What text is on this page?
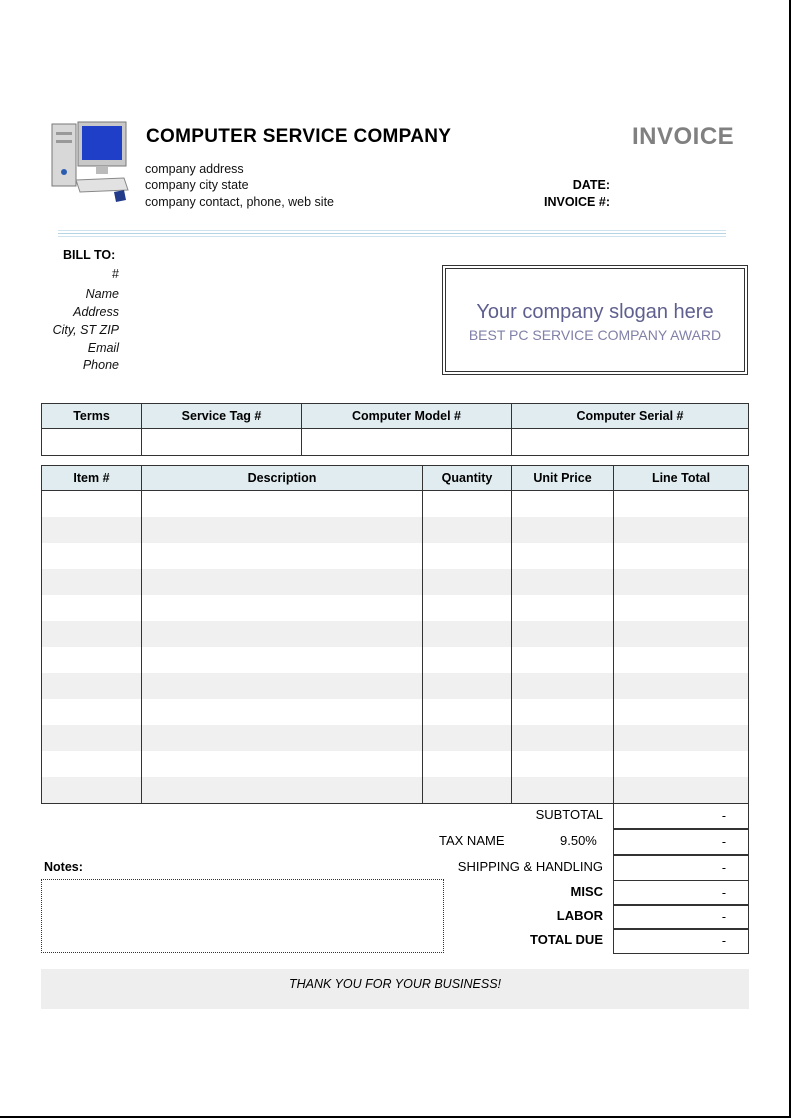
COMPUTER SERVICE COMPANY
company address
company city state
company contact, phone, web site
INVOICE
DATE:
INVOICE #:
BILL TO:
#
Name
Address
City, ST ZIP
Email
Phone
Your company slogan here
BEST PC SERVICE COMPANY AWARD
Terms	Service Tag #	Computer Model #	Computer Serial #

Item #	Description	Quantity	Unit Price	Line Total

SUBTOTAL	-
TAX NAME	9.50%	-
SHIPPING & HANDLING	-
MISC	-
LABOR	-
TOTAL DUE	-
Notes:
THANK YOU FOR YOUR BUSINESS!
